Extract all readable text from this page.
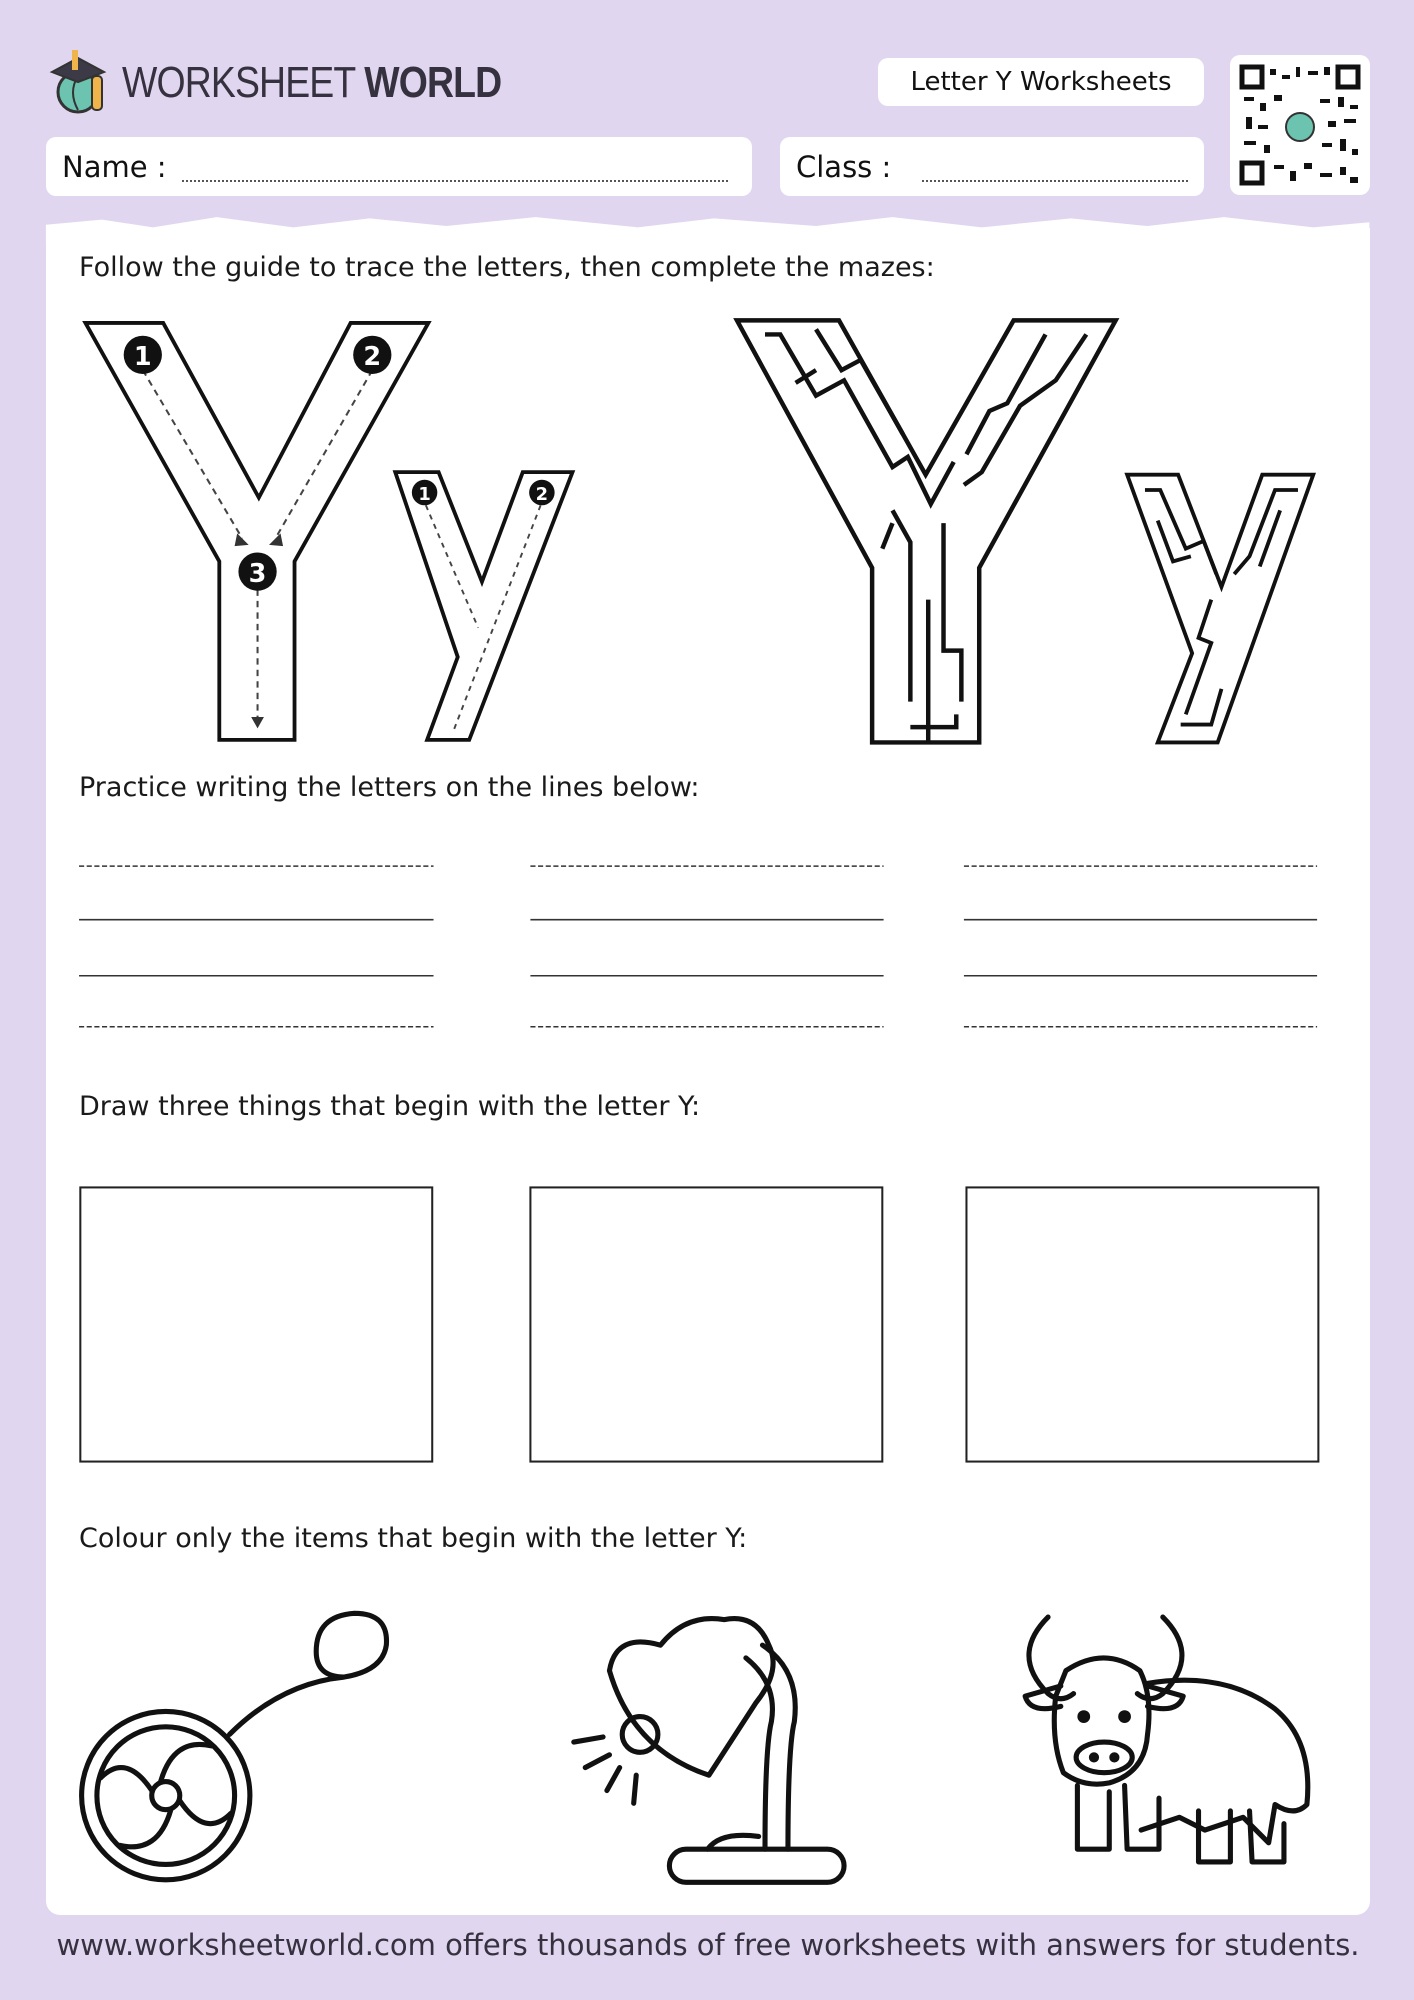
WORKSHEET WORLD	Letter Y Worksheets
Name :	Class :
1	2
3
1	2
Follow the guide to trace the letters, then complete the mazes:
Practice writing the letters on the lines below:
Draw three things that begin with the letter Y:
Colour only the items that begin with the letter Y:
www.worksheetworld.com offers thousands of free worksheets with answers for students.
